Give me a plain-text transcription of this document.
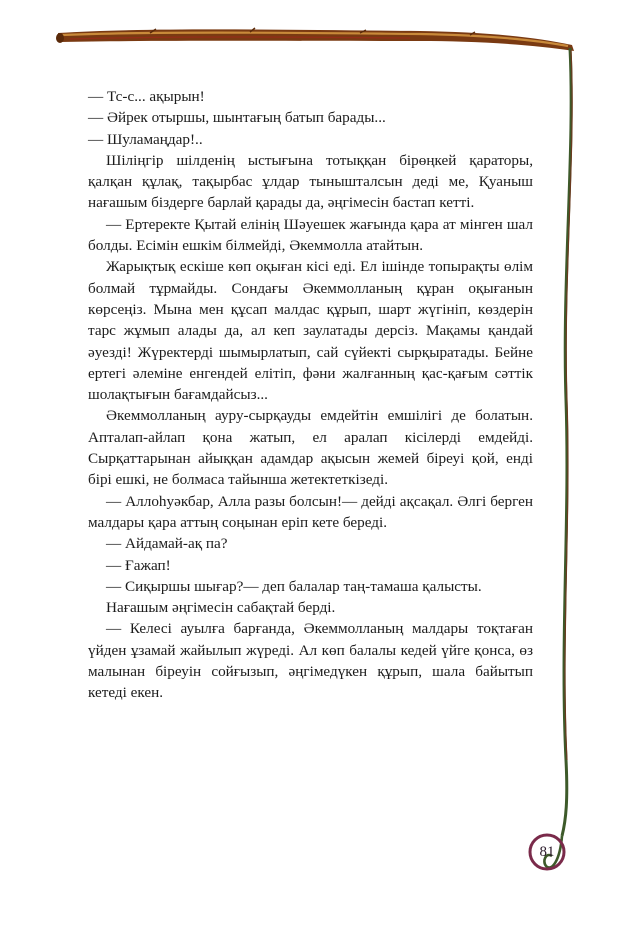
— Тс-с... ақырын!

— Әйрек отыршы, шынтағың батып барады...

— Шуламаңдар!..

Шілiңгiр шілденің ыстығына тотыққан бірөңкей қараторы, қалқан құлақ, тақырбас ұлдар тынышталсын деді ме, Қуаныш нағашым біздерге барлай қарады да, әңгімесін бастап кетті.

— Ертеректе Қытай елінің Шәуешек жағында қара ат мінген шал болды. Есімін ешкім білмейді, Әкеммолла атайтын.

Жарықтық ескіше көп оқыған кісі еді. Ел ішінде топырақты өлім болмай тұрмайды. Сондағы Әкеммолланың құран оқығанын көрсеңіз. Мына мен құсап малдас құрып, шарт жүгініп, көздерін тарс жұмып алады да, ал кеп заулатады дерсіз. Мақамы қандай әуезді! Жүректерді шымырлатып, сай сүйекті сырқыратады. Бейне ертегі әлеміне енгендей елітіп, фәни жалғанның қас-қағым сәттік шолақтығын бағамдайсыз...

Әкеммолланың ауру-сырқауды емдейтін емшілігі де болатын. Апталап-айлап қона жатып, ел аралап кісілерді емдейді. Сырқаттарынан айыққан адамдар ақысын жемей біреуі қой, енді бірі ешкі, не болмаса тайынша жетектеткізеді.

— Аллоһуәкбар, Алла разы болсын!— дейді ақсақал. Әлгі берген малдары қара аттың соңынан еріп кете береді.

— Айдамай-ақ па?

— Ғажап!

— Сиқыршы шығар?— деп балалар таң-тамаша қалысты.

Нағашым әңгімесін сабақтай берді.

— Келесі ауылға барғанда, Әкеммолланың малдары тоқтаған үйден ұзамай жайылып жүреді. Ал көп балалы кедей үйге қонса, өз малынан біреуін сойғызып, әңгімедүкен құрып, шала байытып кетеді екен.

81
